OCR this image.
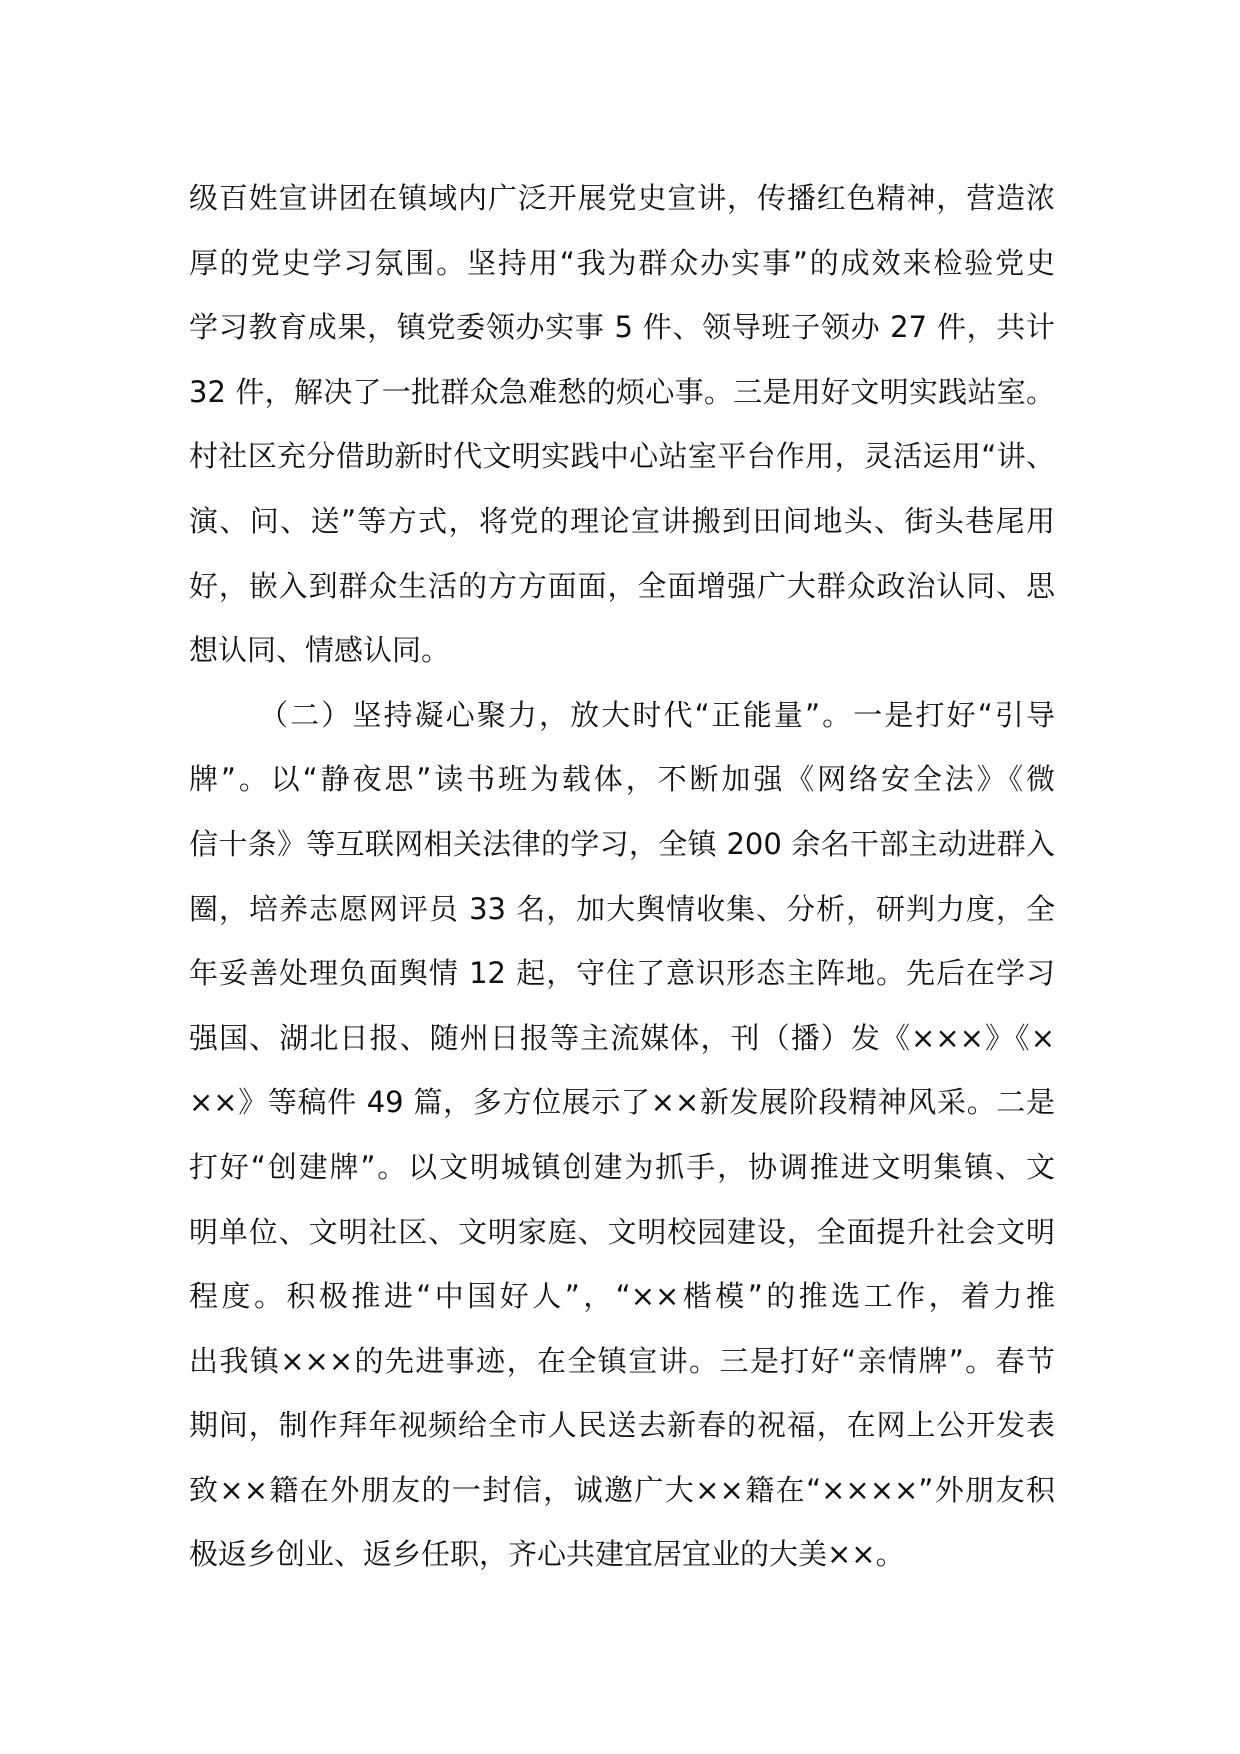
级百姓宣讲团在镇域内广泛开展党史宣讲，传播红色精神，营造浓
厚的党史学习氛围。坚持用“我为群众办实事”的成效来检验党史
学习教育成果，镇党委领办实事 5 件、领导班子领办 27 件，共计
32 件，解决了一批群众急难愁的烦心事。三是用好文明实践站室。
村社区充分借助新时代文明实践中心站室平台作用，灵活运用“讲、
演、问、送”等方式，将党的理论宣讲搬到田间地头、街头巷尾用
好，嵌入到群众生活的方方面面，全面增强广大群众政治认同、思
想认同、情感认同。
（二）坚持凝心聚力，放大时代“正能量”。一是打好“引导
牌”。以“静夜思”读书班为载体，不断加强《网络安全法》《微
信十条》等互联网相关法律的学习，全镇 200 余名干部主动进群入
圈，培养志愿网评员 33 名，加大舆情收集、分析，研判力度，全
年妥善处理负面舆情 12 起，守住了意识形态主阵地。先后在学习
强国、湖北日报、随州日报等主流媒体，刊（播）发《×××》《×
××》等稿件 49 篇，多方位展示了××新发展阶段精神风采。二是
打好“创建牌”。以文明城镇创建为抓手，协调推进文明集镇、文
明单位、文明社区、文明家庭、文明校园建设，全面提升社会文明
程度。积极推进“中国好人”，“××楷模”的推选工作，着力推
出我镇×××的先进事迹，在全镇宣讲。三是打好“亲情牌”。春节
期间，制作拜年视频给全市人民送去新春的祝福，在网上公开发表
致××籍在外朋友的一封信，诚邀广大××籍在“××××”外朋友积
极返乡创业、返乡任职，齐心共建宜居宜业的大美××。
